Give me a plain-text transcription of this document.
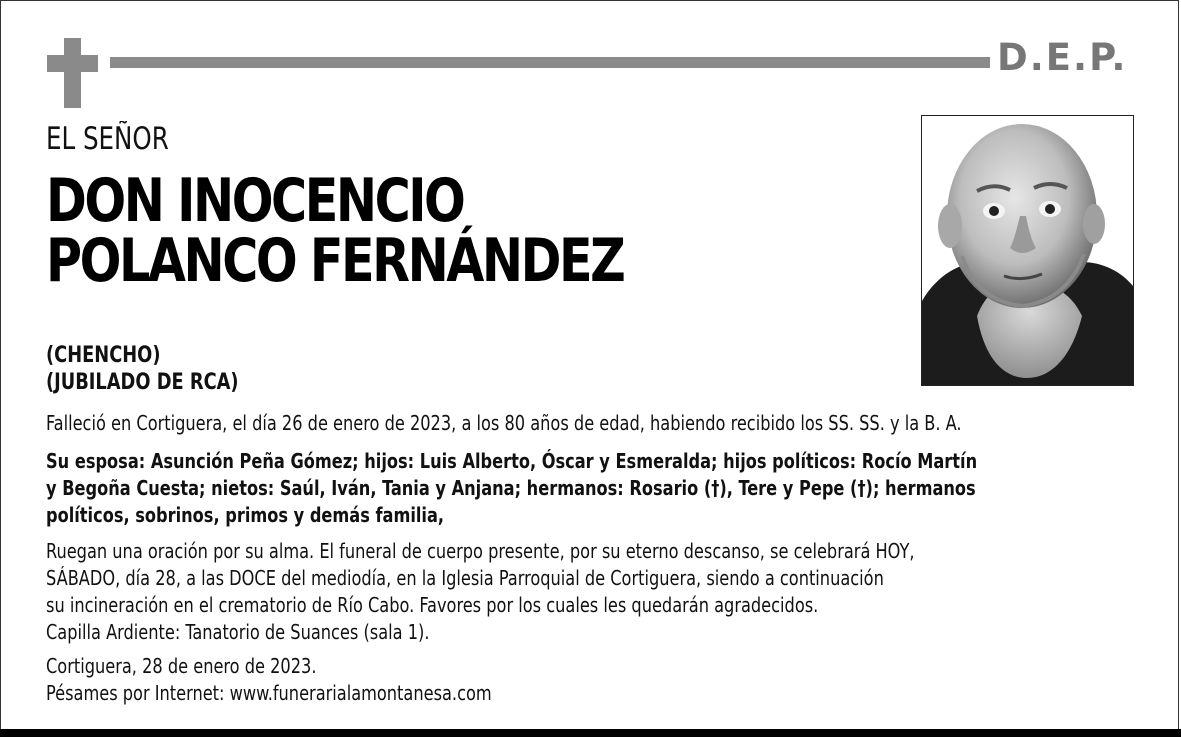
D.E.P.
EL SEÑOR
DON INOCENCIO
POLANCO FERNÁNDEZ
(CHENCHO)
(JUBILADO DE RCA)
Falleció en Cortiguera, el día 26 de enero de 2023, a los 80 años de edad, habiendo recibido los SS. SS. y la B. A.
Su esposa: Asunción Peña Gómez; hijos: Luis Alberto, Óscar y Esmeralda; hijos políticos: Rocío Martín
y Begoña Cuesta; nietos: Saúl, Iván, Tania y Anjana; hermanos: Rosario (†), Tere y Pepe (†); hermanos
políticos, sobrinos, primos y demás familia,
Ruegan una oración por su alma. El funeral de cuerpo presente, por su eterno descanso, se celebrará HOY,
SÁBADO, día 28, a las DOCE del mediodía, en la Iglesia Parroquial de Cortiguera, siendo a continuación
su incineración en el crematorio de Río Cabo. Favores por los cuales les quedarán agradecidos.
Capilla Ardiente: Tanatorio de Suances (sala 1).
Cortiguera, 28 de enero de 2023.
Pésames por Internet: www.funerarialamontanesa.com
